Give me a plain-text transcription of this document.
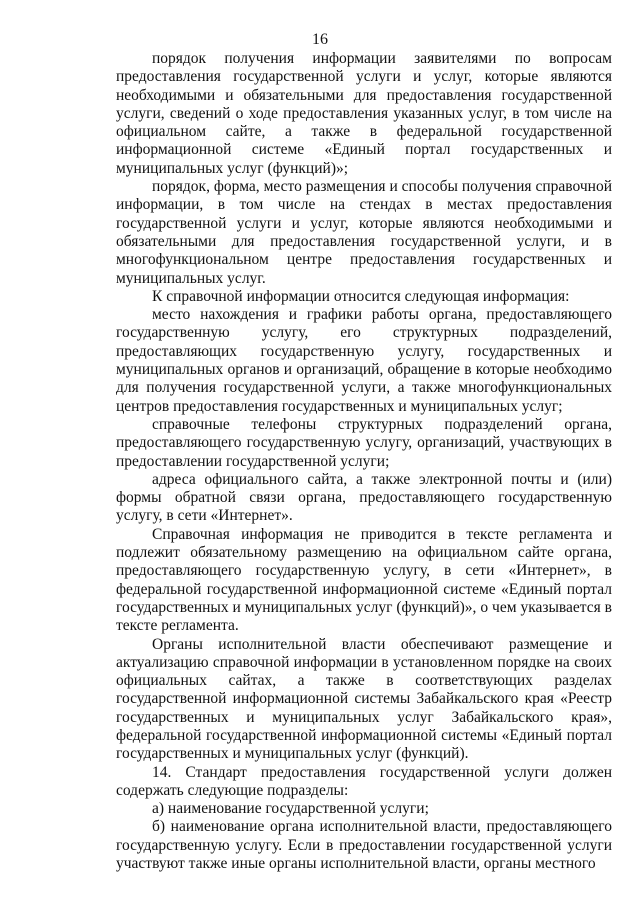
16

порядок получения информации заявителями по вопросам предоставления государственной услуги и услуг, которые являются необходимыми и обязательными для предоставления государственной услуги, сведений о ходе предоставления указанных услуг, в том числе на официальном сайте, а также в федеральной государственной информационной системе «Единый портал государственных и муниципальных услуг (функций)»;

порядок, форма, место размещения и способы получения справочной информации, в том числе на стендах в местах предоставления государственной услуги и услуг, которые являются необходимыми и обязательными для предоставления государственной услуги, и в многофункциональном центре предоставления государственных и муниципальных услуг.

К справочной информации относится следующая информация:

место нахождения и графики работы органа, предоставляющего государственную услугу, его структурных подразделений, предоставляющих государственную услугу, государственных и муниципальных органов и организаций, обращение в которые необходимо для получения государственной услуги, а также многофункциональных центров предоставления государственных и муниципальных услуг;

справочные телефоны структурных подразделений органа, предоставляющего государственную услугу, организаций, участвующих в предоставлении государственной услуги;

адреса официального сайта, а также электронной почты и (или) формы обратной связи органа, предоставляющего государственную услугу, в сети «Интернет».

Справочная информация не приводится в тексте регламента и подлежит обязательному размещению на официальном сайте органа, предоставляющего государственную услугу, в сети «Интернет», в федеральной государственной информационной системе «Единый портал государственных и муниципальных услуг (функций)», о чем указывается в тексте регламента.

Органы исполнительной власти обеспечивают размещение и актуализацию справочной информации в установленном порядке на своих официальных сайтах, а также в соответствующих разделах государственной информационной системы Забайкальского края «Реестр государственных и муниципальных услуг Забайкальского края», федеральной государственной информационной системы «Единый портал государственных и муниципальных услуг (функций).

14. Стандарт предоставления государственной услуги должен содержать следующие подразделы:

а) наименование государственной услуги;

б) наименование органа исполнительной власти, предоставляющего государственную услугу. Если в предоставлении государственной услуги участвуют также иные органы исполнительной власти, органы местного
